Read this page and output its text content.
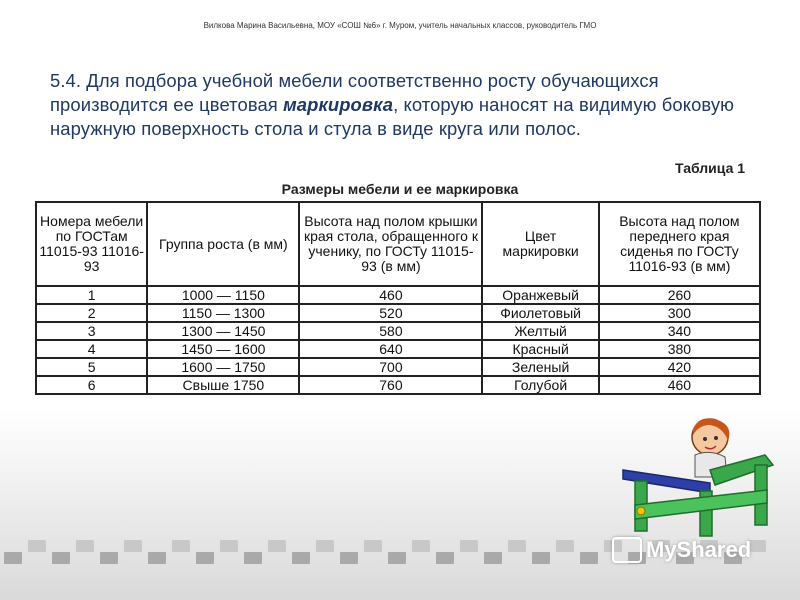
Вилкова Марина Васильевна, МОУ «СОШ №6» г. Муром, учитель начальных классов, руководитель ГМО
5.4. Для подбора учебной мебели соответственно росту обучающихся производится ее цветовая маркировка, которую наносят на видимую боковую наружную поверхность стола и стула в виде круга или полос.
Таблица 1
Размеры мебели и ее маркировка
Номера мебели по ГОСТам 11015-93 11016-93	Группа роста (в мм)	Высота над полом крышки края стола, обращенного к ученику, по ГОСТу 11015-93 (в мм)	Цвет маркировки	Высота над полом переднего края сиденья по ГОСТу 11016-93 (в мм)
1	1000 — 1150	460	Оранжевый	260
2	1150 — 1300	520	Фиолетовый	300
3	1300 — 1450	580	Желтый	340
4	1450 — 1600	640	Красный	380
5	1600 — 1750	700	Зеленый	420
6	Свыше 1750	760	Голубой	460
MyShared
